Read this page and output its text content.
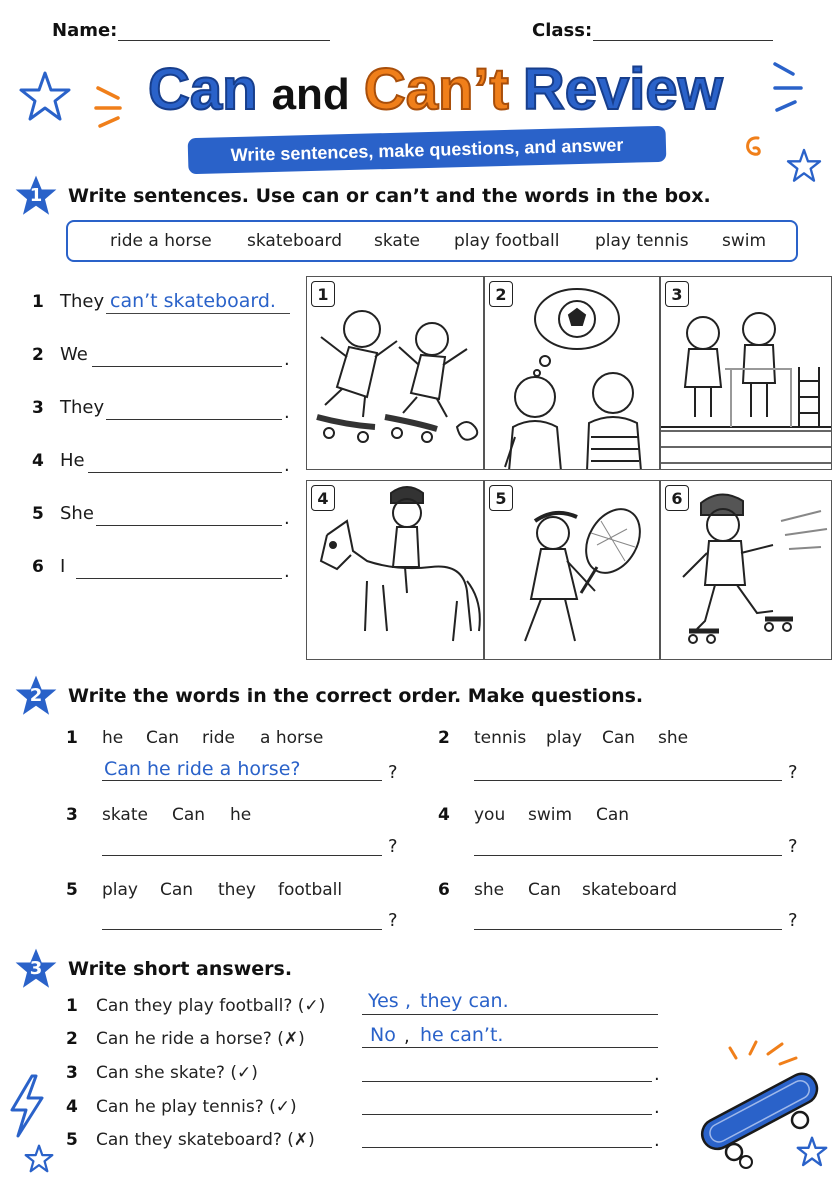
Name:	Class:
Can and Can’t Review
Write sentences, make questions, and answer
1	Write sentences. Use can or can’t and the words in the box.
ride a horse skateboard skate play football play tennis swim
1 They can’t skateboard.
2 We	.
3 They	.
4 He	.
5 She	.
6 I	.
1	2	3
4	5	6
2	Write the words in the correct order. Make questions.
1 he Can ride a horse
Can he ride a horse?	?
2 tennis play Can she
?
3 skate Can he
?
4 you swim Can
?
5 play Can they football
?
6 she Can skateboard
?
3	Write short answers.
1 Can they play football? (✓) Yes , they can.
2 Can he ride a horse? (✗)	No , he can’t.
3 Can she skate? (✓)	.
4 Can he play tennis? (✓)	.
5 Can they skateboard? (✗)	.
